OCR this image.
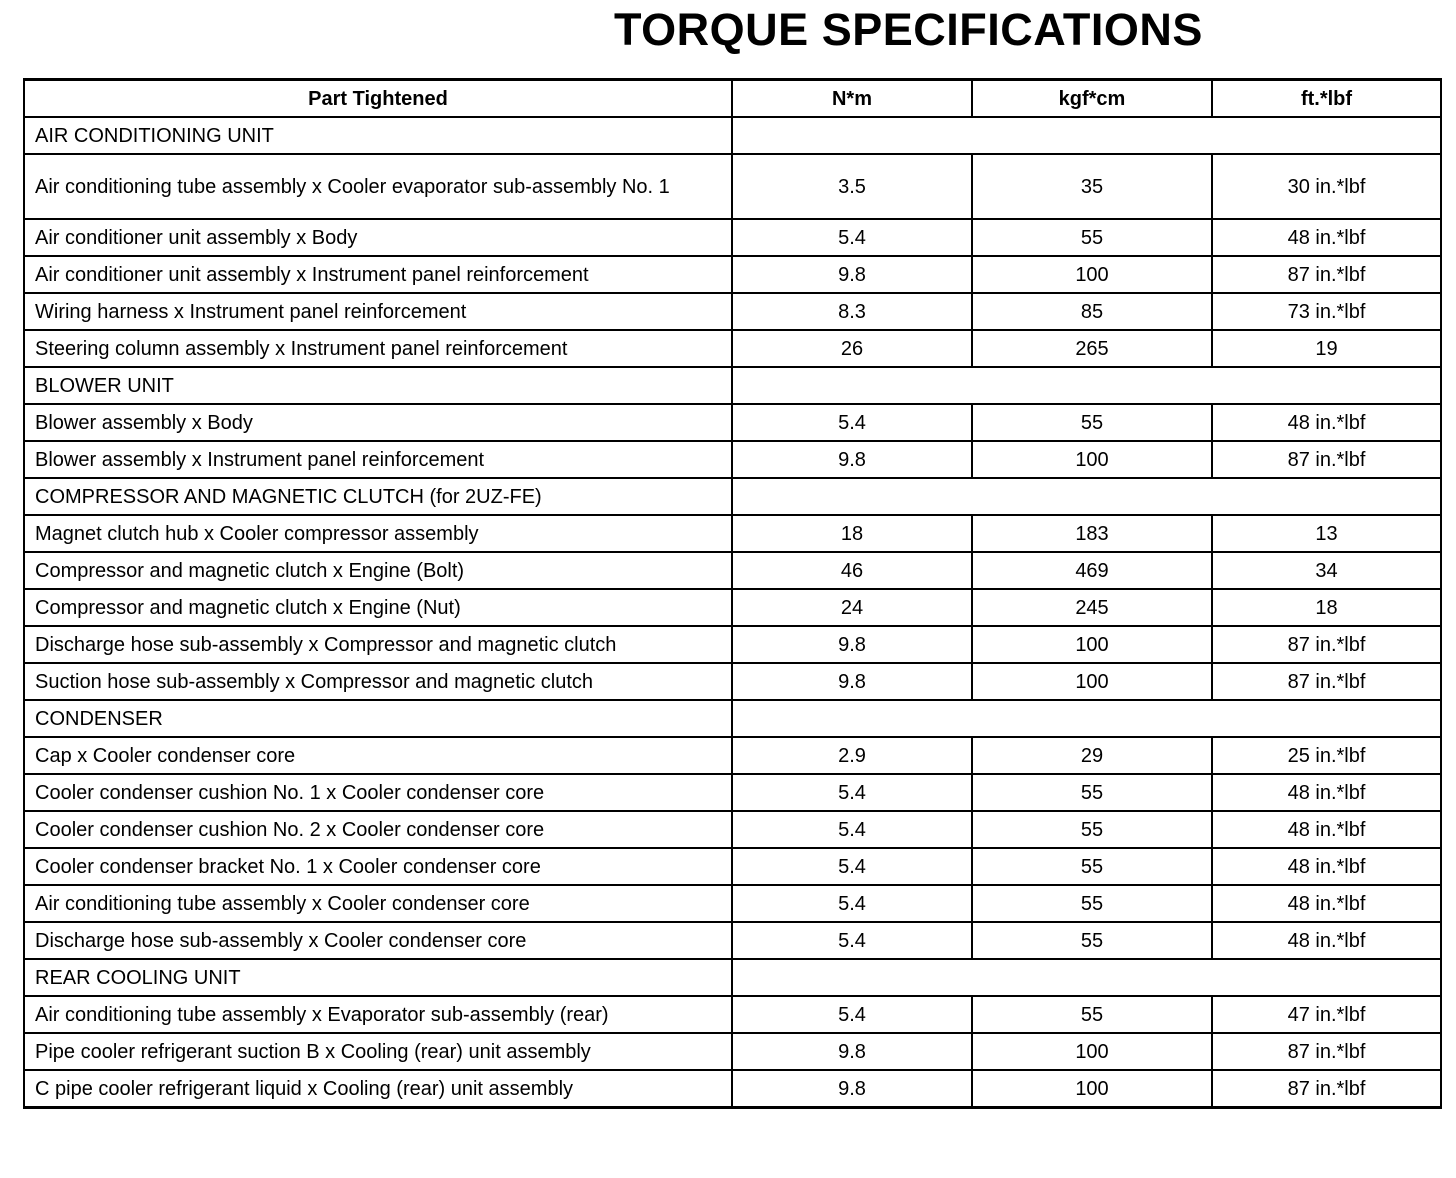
TORQUE SPECIFICATIONS
Part Tightened	N*m	kgf*cm	ft.*lbf
AIR CONDITIONING UNIT			
Air conditioning tube assembly x Cooler evaporator sub-assembly No. 1	3.5	35	30 in.*lbf
Air conditioner unit assembly x Body	5.4	55	48 in.*lbf
Air conditioner unit assembly x Instrument panel reinforcement	9.8	100	87 in.*lbf
Wiring harness x Instrument panel reinforcement	8.3	85	73 in.*lbf
Steering column assembly x Instrument panel reinforcement	26	265	19
BLOWER UNIT			
Blower assembly x Body	5.4	55	48 in.*lbf
Blower assembly x Instrument panel reinforcement	9.8	100	87 in.*lbf
COMPRESSOR AND MAGNETIC CLUTCH (for 2UZ-FE)			
Magnet clutch hub x Cooler compressor assembly	18	183	13
Compressor and magnetic clutch x Engine (Bolt)	46	469	34
Compressor and magnetic clutch x Engine (Nut)	24	245	18
Discharge hose sub-assembly x Compressor and magnetic clutch	9.8	100	87 in.*lbf
Suction hose sub-assembly x Compressor and magnetic clutch	9.8	100	87 in.*lbf
CONDENSER			
Cap x Cooler condenser core	2.9	29	25 in.*lbf
Cooler condenser cushion No. 1 x Cooler condenser core	5.4	55	48 in.*lbf
Cooler condenser cushion No. 2 x Cooler condenser core	5.4	55	48 in.*lbf
Cooler condenser bracket No. 1 x Cooler condenser core	5.4	55	48 in.*lbf
Air conditioning tube assembly x Cooler condenser core	5.4	55	48 in.*lbf
Discharge hose sub-assembly x Cooler condenser core	5.4	55	48 in.*lbf
REAR COOLING UNIT			
Air conditioning tube assembly x Evaporator sub-assembly (rear)	5.4	55	47 in.*lbf
Pipe cooler refrigerant suction B x Cooling (rear) unit assembly	9.8	100	87 in.*lbf
C pipe cooler refrigerant liquid x Cooling (rear) unit assembly	9.8	100	87 in.*lbf
